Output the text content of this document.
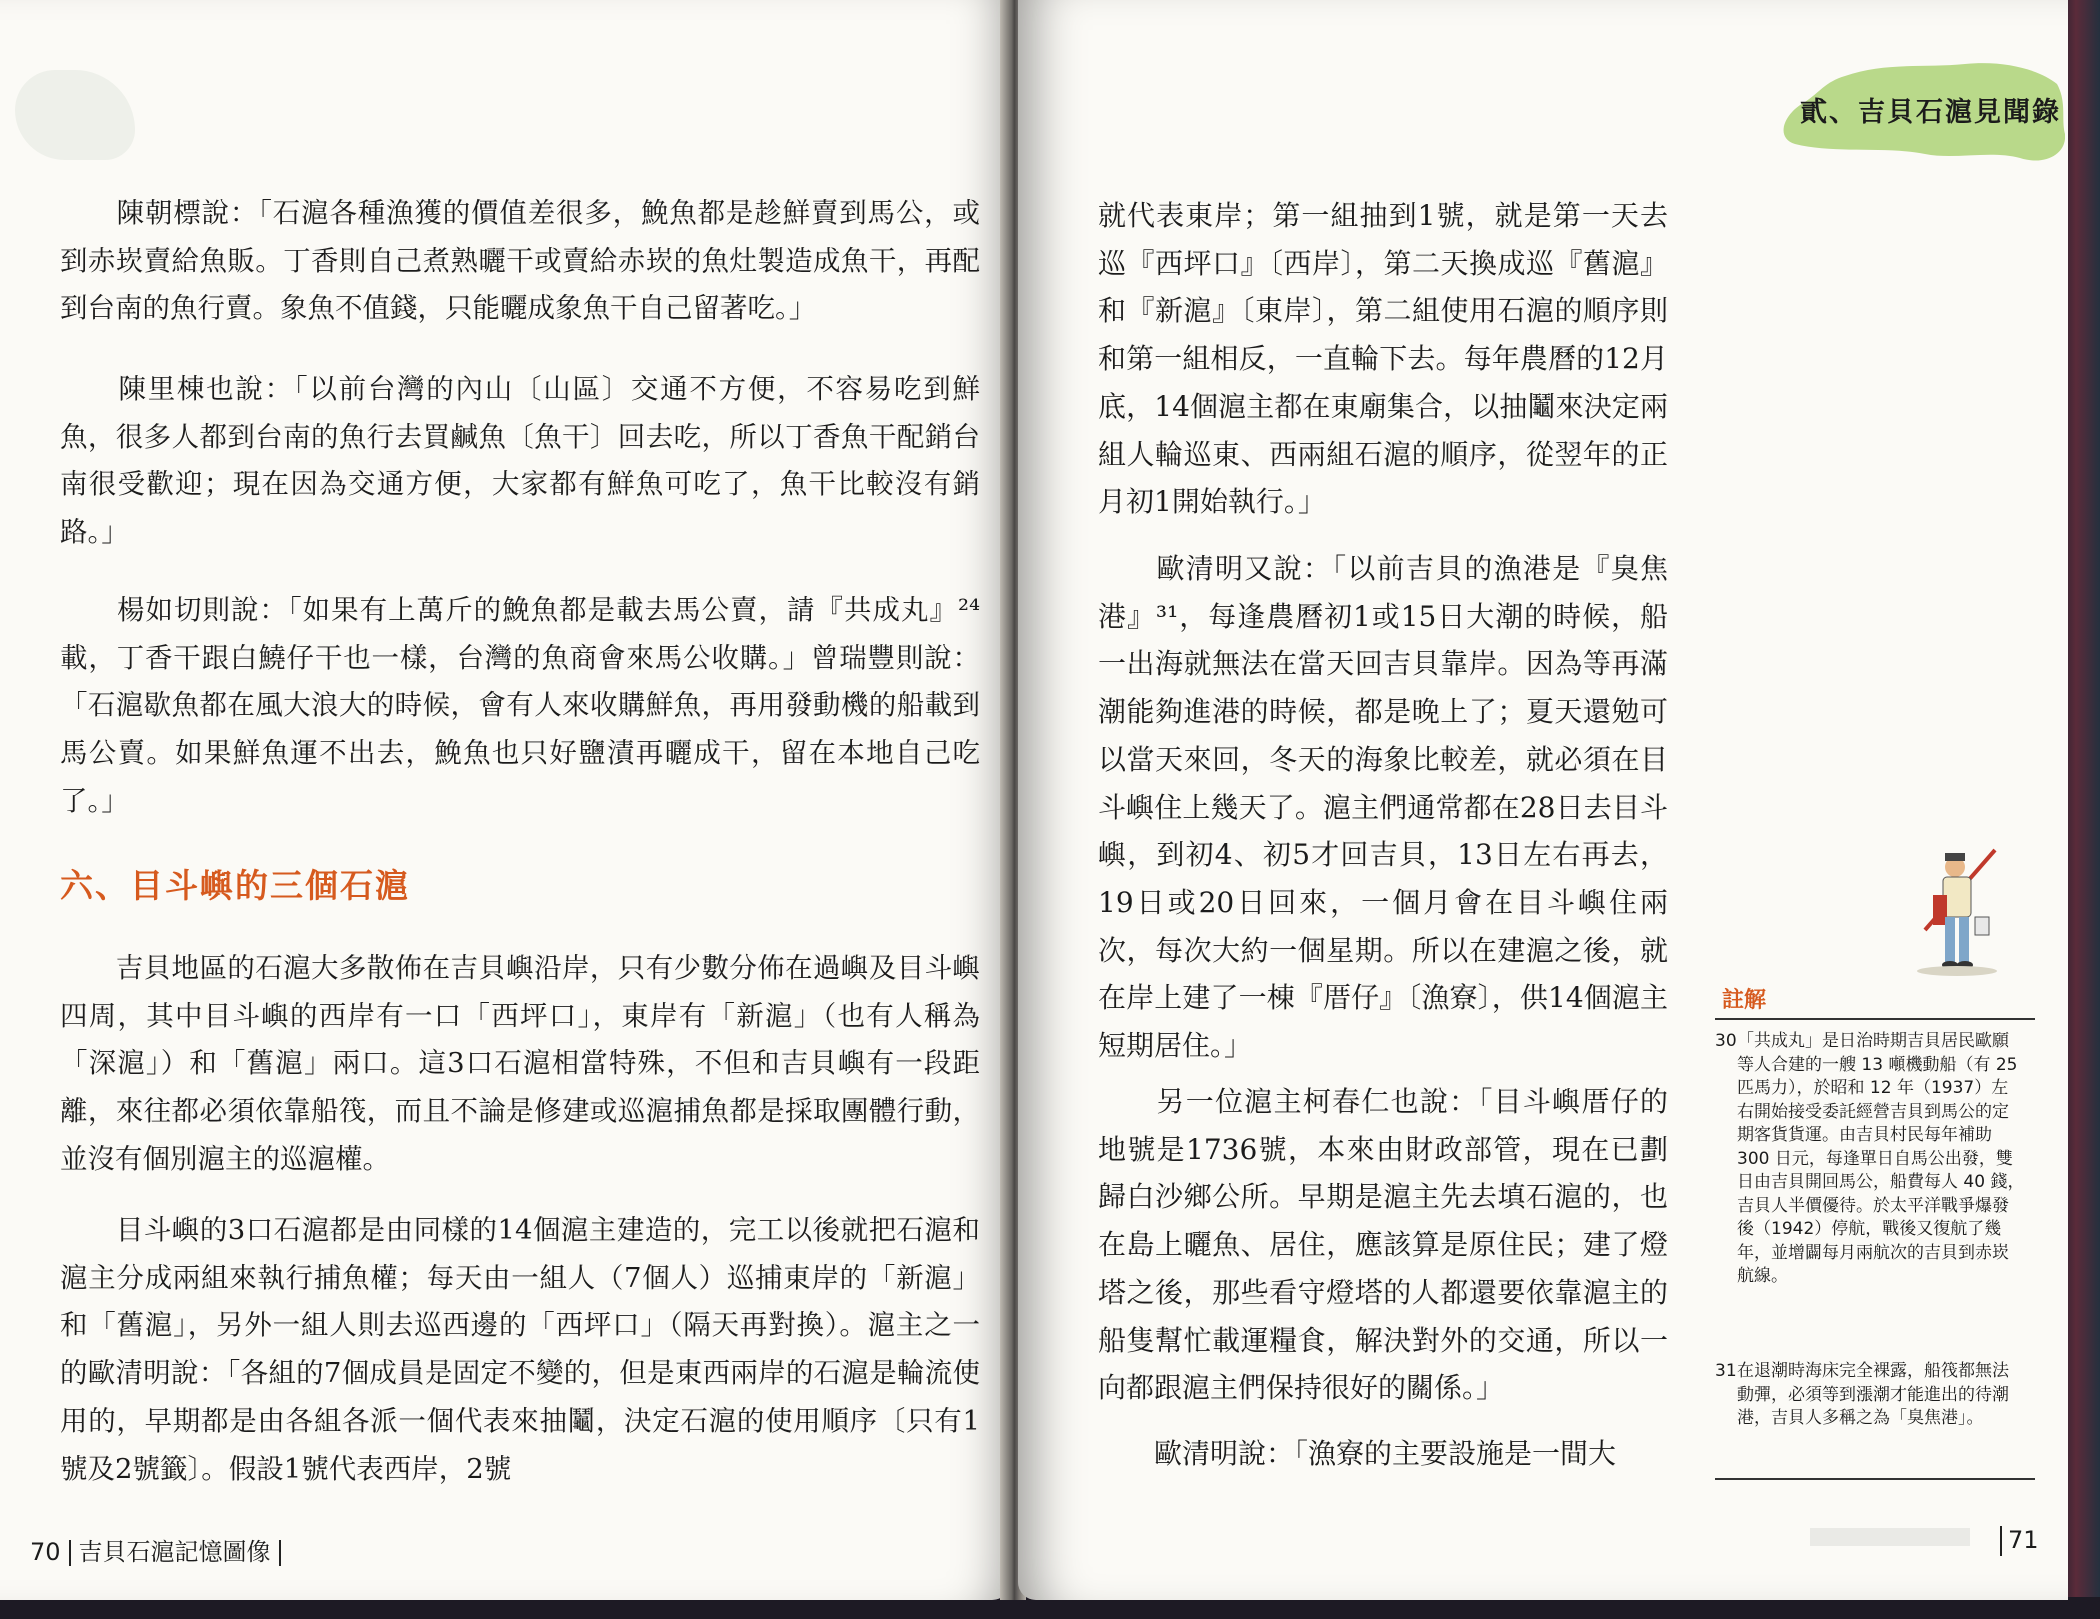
　　陳朝標說：「石滬各種漁獲的價值差很多，鮸魚都是趁鮮賣到馬公，或到赤崁賣給魚販。丁香則自己煮熟曬干或賣給赤崁的魚灶製造成魚干，再配到台南的魚行賣。象魚不值錢，只能曬成象魚干自己留著吃。」

　　陳里棟也說：「以前台灣的內山〔山區〕交通不方便，不容易吃到鮮魚，很多人都到台南的魚行去買鹹魚〔魚干〕回去吃，所以丁香魚干配銷台南很受歡迎；現在因為交通方便，大家都有鮮魚可吃了，魚干比較沒有銷路。」

　　楊如切則說：「如果有上萬斤的鮸魚都是載去馬公賣，請『共成丸』²⁴載，丁香干跟白鱙仔干也一樣，台灣的魚商會來馬公收購。」曾瑞豐則說：「石滬歇魚都在風大浪大的時候，會有人來收購鮮魚，再用發動機的船載到馬公賣。如果鮮魚運不出去，鮸魚也只好鹽漬再曬成干，留在本地自己吃了。」

六、目斗嶼的三個石滬

　　吉貝地區的石滬大多散佈在吉貝嶼沿岸，只有少數分佈在過嶼及目斗嶼四周，其中目斗嶼的西岸有一口「西坪口」，東岸有「新滬」（也有人稱為「深滬」）和「舊滬」兩口。這3口石滬相當特殊，不但和吉貝嶼有一段距離，來往都必須依靠船筏，而且不論是修建或巡滬捕魚都是採取團體行動，並沒有個別滬主的巡滬權。

　　目斗嶼的3口石滬都是由同樣的14個滬主建造的，完工以後就把石滬和滬主分成兩組來執行捕魚權；每天由一組人（7個人）巡捕東岸的「新滬」和「舊滬」，另外一組人則去巡西邊的「西坪口」（隔天再對換）。滬主之一的歐清明說：「各組的7個成員是固定不變的，但是東西兩岸的石滬是輪流使用的，早期都是由各組各派一個代表來抽鬮，決定石滬的使用順序〔只有1號及2號籤〕。假設1號代表西岸，2號

70 吉貝石滬記憶圖像
貳、吉貝石滬見聞錄

就代表東岸；第一組抽到1號，就是第一天去巡『西坪口』〔西岸〕，第二天換成巡『舊滬』和『新滬』〔東岸〕，第二組使用石滬的順序則和第一組相反，一直輪下去。每年農曆的12月底，14個滬主都在東廟集合，以抽鬮來決定兩組人輪巡東、西兩組石滬的順序，從翌年的正月初1開始執行。」

　　歐清明又說：「以前吉貝的漁港是『臭焦港』³¹，每逢農曆初1或15日大潮的時候，船一出海就無法在當天回吉貝靠岸。因為等再滿潮能夠進港的時候，都是晚上了；夏天還勉可以當天來回，冬天的海象比較差，就必須在目斗嶼住上幾天了。滬主們通常都在28日去目斗嶼，到初4、初5才回吉貝，13日左右再去，19日或20日回來，一個月會在目斗嶼住兩次，每次大約一個星期。所以在建滬之後，就在岸上建了一棟『厝仔』〔漁寮〕，供14個滬主短期居住。」

　　另一位滬主柯春仁也說：「目斗嶼厝仔的地號是1736號，本來由財政部管，現在已劃歸白沙鄉公所。早期是滬主先去填石滬的，也在島上曬魚、居住，應該算是原住民；建了燈塔之後，那些看守燈塔的人都還要依靠滬主的船隻幫忙載運糧食，解決對外的交通，所以一向都跟滬主們保持很好的關係。」

　　歐清明說：「漁寮的主要設施是一間大

註解
30 「共成丸」是日治時期吉貝居民歐願等人合建的一艘 13 噸機動船（有 25 匹馬力），於昭和 12 年（1937）左右開始接受委託經營吉貝到馬公的定期客貨貨運。由吉貝村民每年補助 300 日元，每逢單日自馬公出發，雙日由吉貝開回馬公，船費每人 40 錢，吉貝人半價優待。於太平洋戰爭爆發後（1942）停航，戰後又復航了幾年，並增闢每月兩航次的吉貝到赤崁航線。
31 在退潮時海床完全裸露，船筏都無法動彈，必須等到漲潮才能進出的待潮港，吉貝人多稱之為「臭焦港」。
71
